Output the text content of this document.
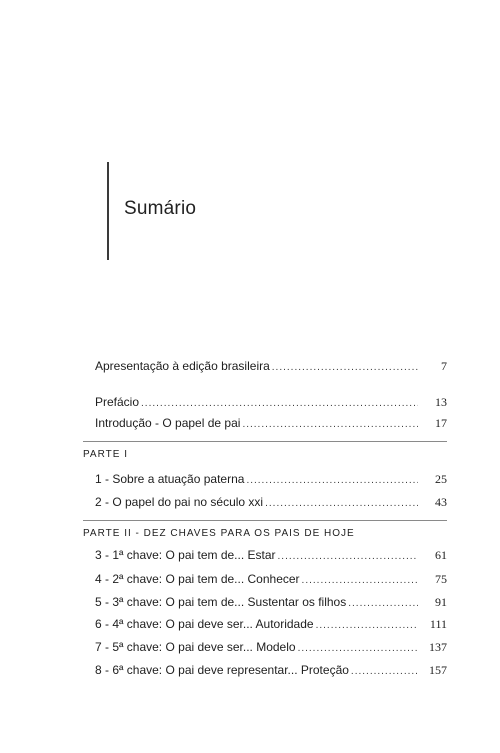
Sumário
Apresentação à edição brasileira .....	7
Prefácio .....	13
Introdução - O papel de pai .....	17
PARTE I
1 - Sobre a atuação paterna .....	25
2 - O papel do pai no século xxi .....	43
PARTE II - DEZ CHAVES PARA OS PAIS DE HOJE
3 - 1ª chave: O pai tem de... Estar .....	61
4 - 2ª chave: O pai tem de... Conhecer .....	75
5 - 3ª chave: O pai tem de... Sustentar os filhos .....	91
6 - 4ª chave: O pai deve ser... Autoridade .....	111
7 - 5ª chave: O pai deve ser... Modelo .....	137
8 - 6ª chave: O pai deve representar... Proteção .....	157
